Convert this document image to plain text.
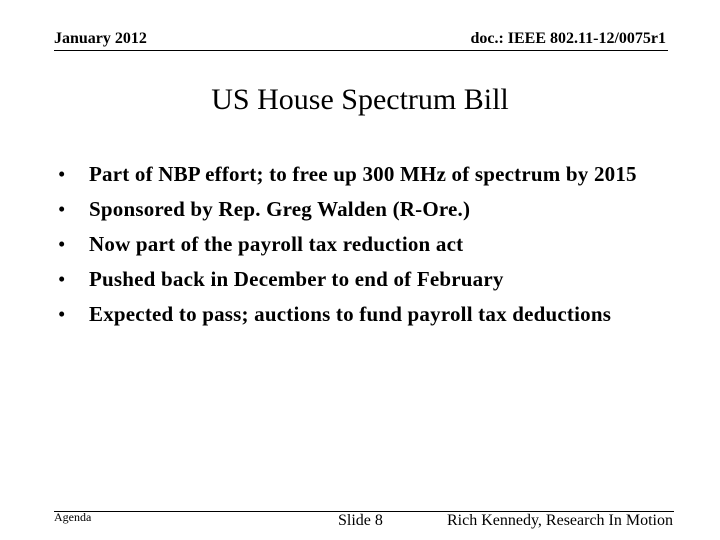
January 2012	doc.: IEEE 802.11-12/0075r1
US House Spectrum Bill
• Part of NBP effort; to free up 300 MHz of spectrum by 2015
• Sponsored by Rep. Greg Walden (R-Ore.)
• Now part of the payroll tax reduction act
• Pushed back in December to end of February
• Expected to pass; auctions to fund payroll tax deductions
Agenda	Slide 8	Rich Kennedy, Research In Motion
